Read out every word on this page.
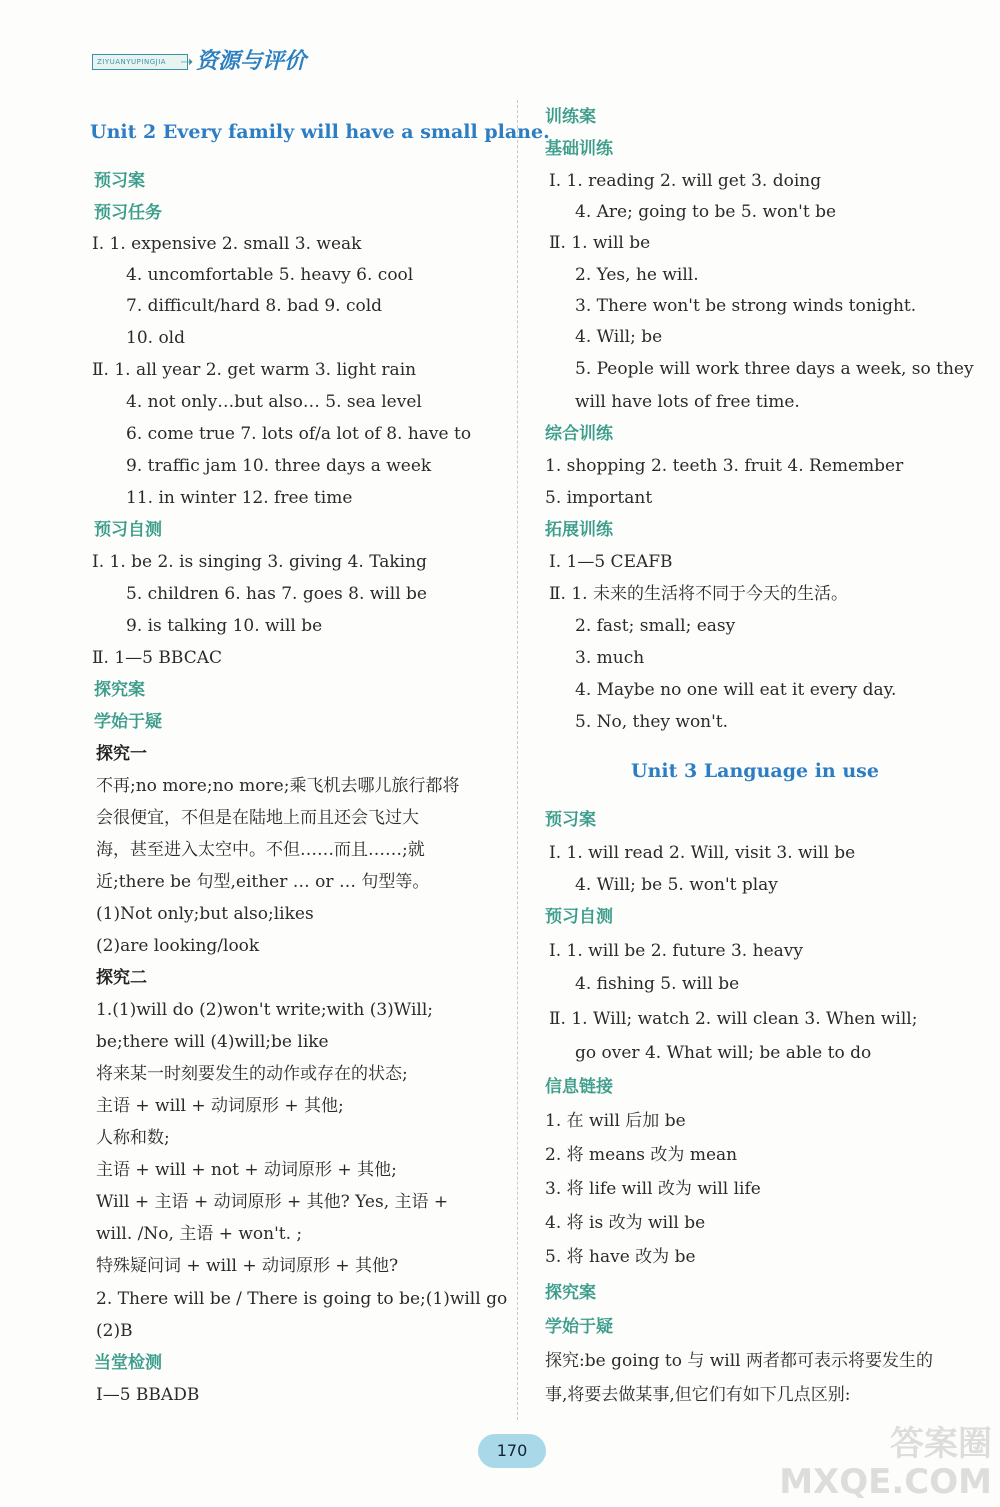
ZIYUANYUPINGJIA ➝ 资源与评价
Unit 2 Every family will have a small plane.
预习案
预习任务
Ⅰ. 1. expensive 2. small 3. weak
4. uncomfortable 5. heavy 6. cool
7. difficult/hard 8. bad 9. cold
10. old
Ⅱ. 1. all year 2. get warm 3. light rain
4. not only…but also… 5. sea level
6. come true 7. lots of/a lot of 8. have to
9. traffic jam 10. three days a week
11. in winter 12. free time
预习自测
Ⅰ. 1. be 2. is singing 3. giving 4. Taking
5. children 6. has 7. goes 8. will be
9. is talking 10. will be
Ⅱ. 1—5 BBCAC
探究案
学始于疑
探究一
不再;no more;no more;乘飞机去哪儿旅行都将
会很便宜，不但是在陆地上而且还会飞过大
海，甚至进入太空中。不但……而且……;就
近;there be 句型,either … or … 句型等。
(1)Not only;but also;likes
(2)are looking/look
探究二
1.(1)will do (2)won't write;with (3)Will;
be;there will (4)will;be like
将来某一时刻要发生的动作或存在的状态;
主语 + will + 动词原形 + 其他;
人称和数;
主语 + will + not + 动词原形 + 其他;
Will + 主语 + 动词原形 + 其他? Yes, 主语 +
will. /No, 主语 + won't. ;
特殊疑问词 + will + 动词原形 + 其他?
2. There will be / There is going to be;(1)will go
(2)B
当堂检测
Ⅰ—5 BBADB
训练案
基础训练
Ⅰ. 1. reading 2. will get 3. doing
4. Are; going to be 5. won't be
Ⅱ. 1. will be
2. Yes, he will.
3. There won't be strong winds tonight.
4. Will; be
5. People will work three days a week, so they
will have lots of free time.
综合训练
1. shopping 2. teeth 3. fruit 4. Remember
5. important
拓展训练
Ⅰ. 1—5 CEAFB
Ⅱ. 1. 未来的生活将不同于今天的生活。
2. fast; small; easy
3. much
4. Maybe no one will eat it every day.
5. No, they won't.
Unit 3 Language in use
预习案
Ⅰ. 1. will read 2. Will, visit 3. will be
4. Will; be 5. won't play
预习自测
Ⅰ. 1. will be 2. future 3. heavy
4. fishing 5. will be
Ⅱ. 1. Will; watch 2. will clean 3. When will;
go over 4. What will; be able to do
信息链接
1. 在 will 后加 be
2. 将 means 改为 mean
3. 将 life will 改为 will life
4. 将 is 改为 will be
5. 将 have 改为 be
探究案
学始于疑
探究:be going to 与 will 两者都可表示将要发生的
事,将要去做某事,但它们有如下几点区别:
170	答案圈
MXQE.COM
